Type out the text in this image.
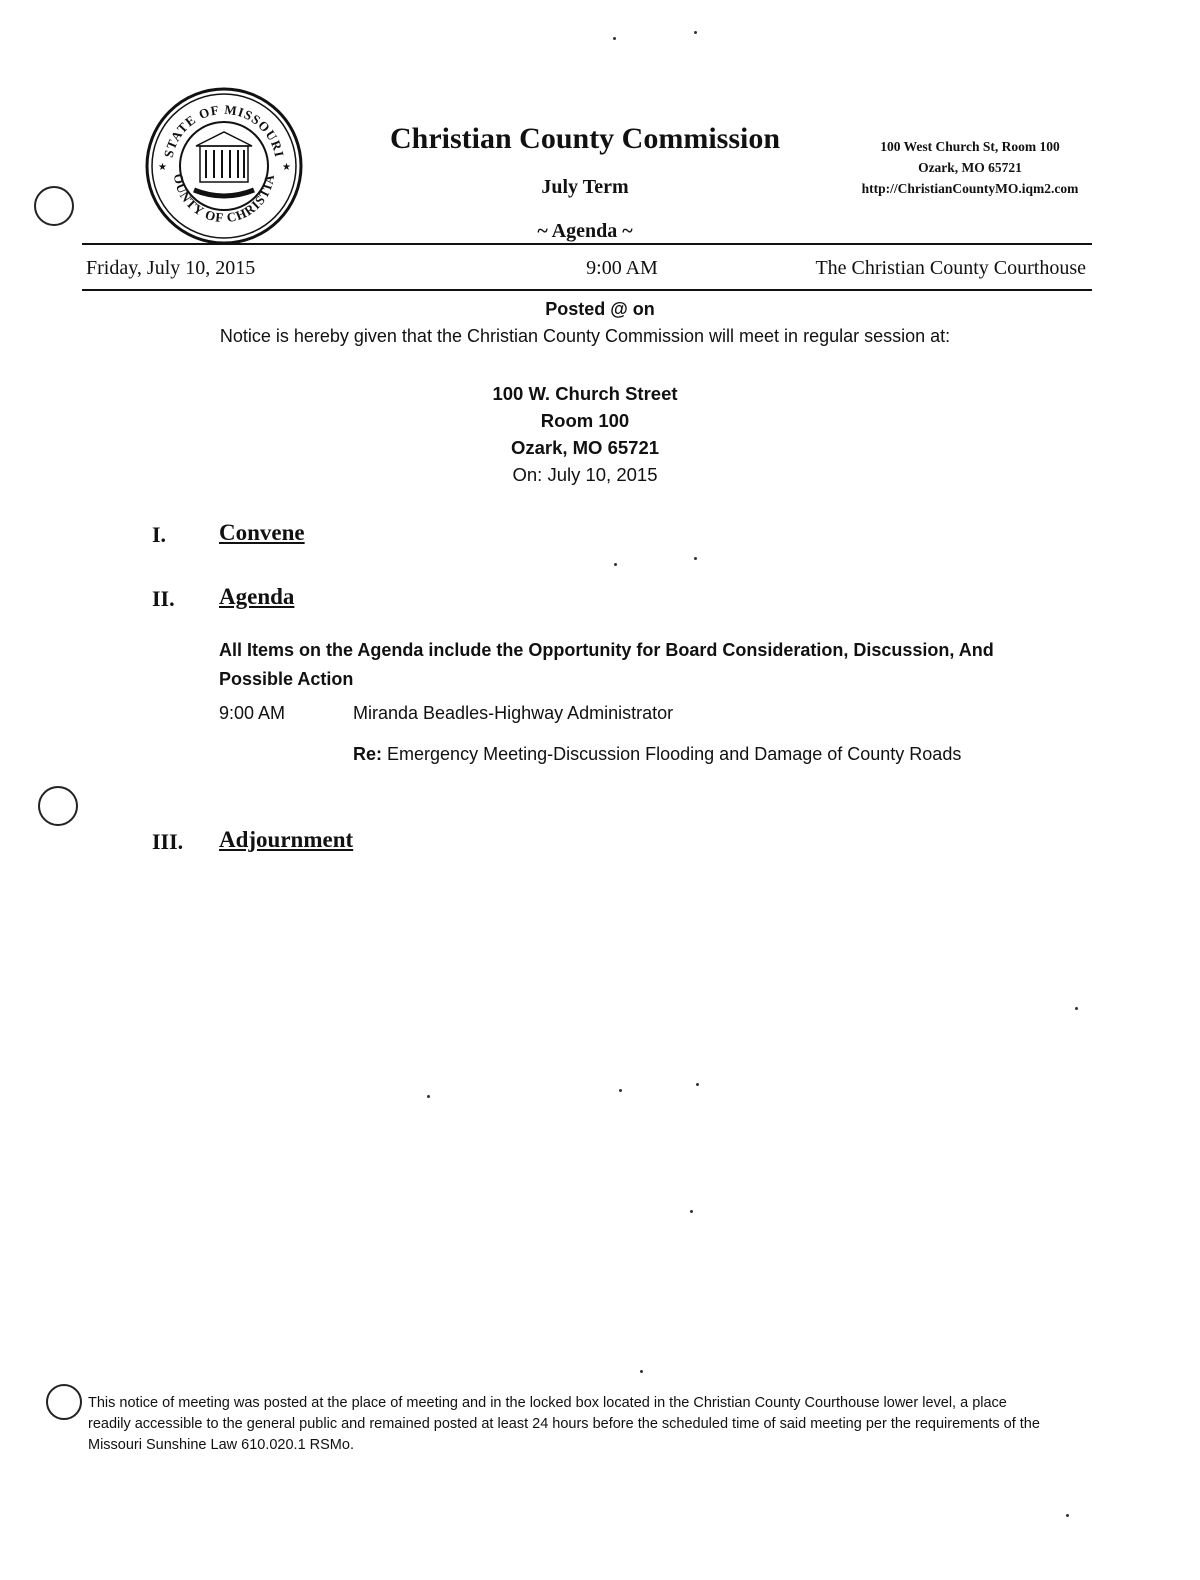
STATE OF MISSOURI
OUNTY OF CHRISTIA
★	★
Christian County Commission
July Term
~ Agenda ~
100 West Church St, Room 100
Ozark, MO 65721
http://ChristianCountyMO.iqm2.com
Friday, July 10, 2015	9:00 AM	The Christian County Courthouse
Posted @ on
Notice is hereby given that the Christian County Commission will meet in regular session at:
100 W. Church Street
Room 100
Ozark, MO 65721
On: July 10, 2015
I. Convene
II. Agenda
All Items on the Agenda include the Opportunity for Board Consideration, Discussion, And Possible Action
9:00 AM	Miranda Beadles-Highway Administrator
Re: Emergency Meeting-Discussion Flooding and Damage of County Roads
III. Adjournment
This notice of meeting was posted at the place of meeting and in the locked box located in the Christian County Courthouse lower level, a place readily accessible to the general public and remained posted at least 24 hours before the scheduled time of said meeting per the requirements of the Missouri Sunshine Law 610.020.1 RSMo.
